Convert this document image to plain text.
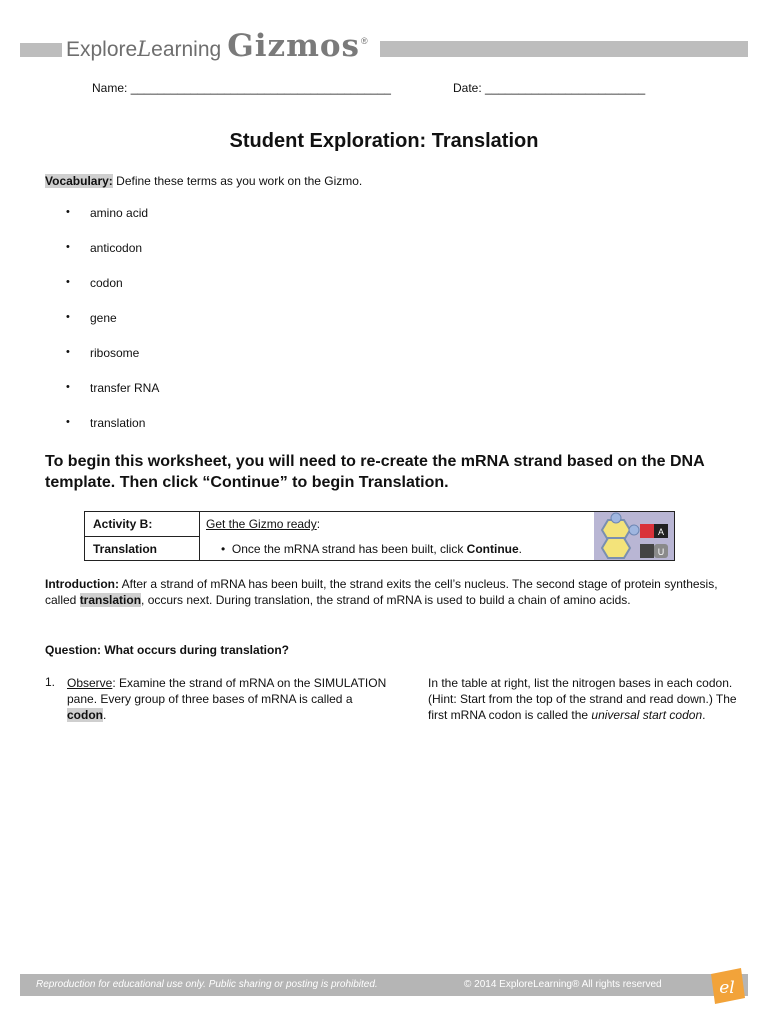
Explore L earning Gizmos ®
Name: _______________________________________	Date: ________________________
Student Exploration: Translation
Vocabulary: Define these terms as you work on the Gizmo.
•	amino acid
•	anticodon
•	codon
•	gene
•	ribosome
•	transfer RNA
•	translation
To begin this worksheet, you will need to re-create the mRNA strand based on the DNA template. Then click “Continue” to begin Translation.
Activity B:
Translation
Get the Gizmo ready:
• Once the mRNA strand has been built, click Continue.
A
U
Introduction: After a strand of mRNA has been built, the strand exits the cell’s nucleus. The second stage of protein synthesis, called translation, occurs next. During translation, the strand of mRNA is used to build a chain of amino acids.
Question: What occurs during translation?
1. Observe: Examine the strand of mRNA on the SIMULATION pane. Every group of three bases of mRNA is called a codon.
In the table at right, list the nitrogen bases in each codon. (Hint: Start from the top of the strand and read down.) The first mRNA codon is called the universal start codon.
Reproduction for educational use only. Public sharing or posting is prohibited.	© 2014 ExploreLearning® All rights reserved	el
